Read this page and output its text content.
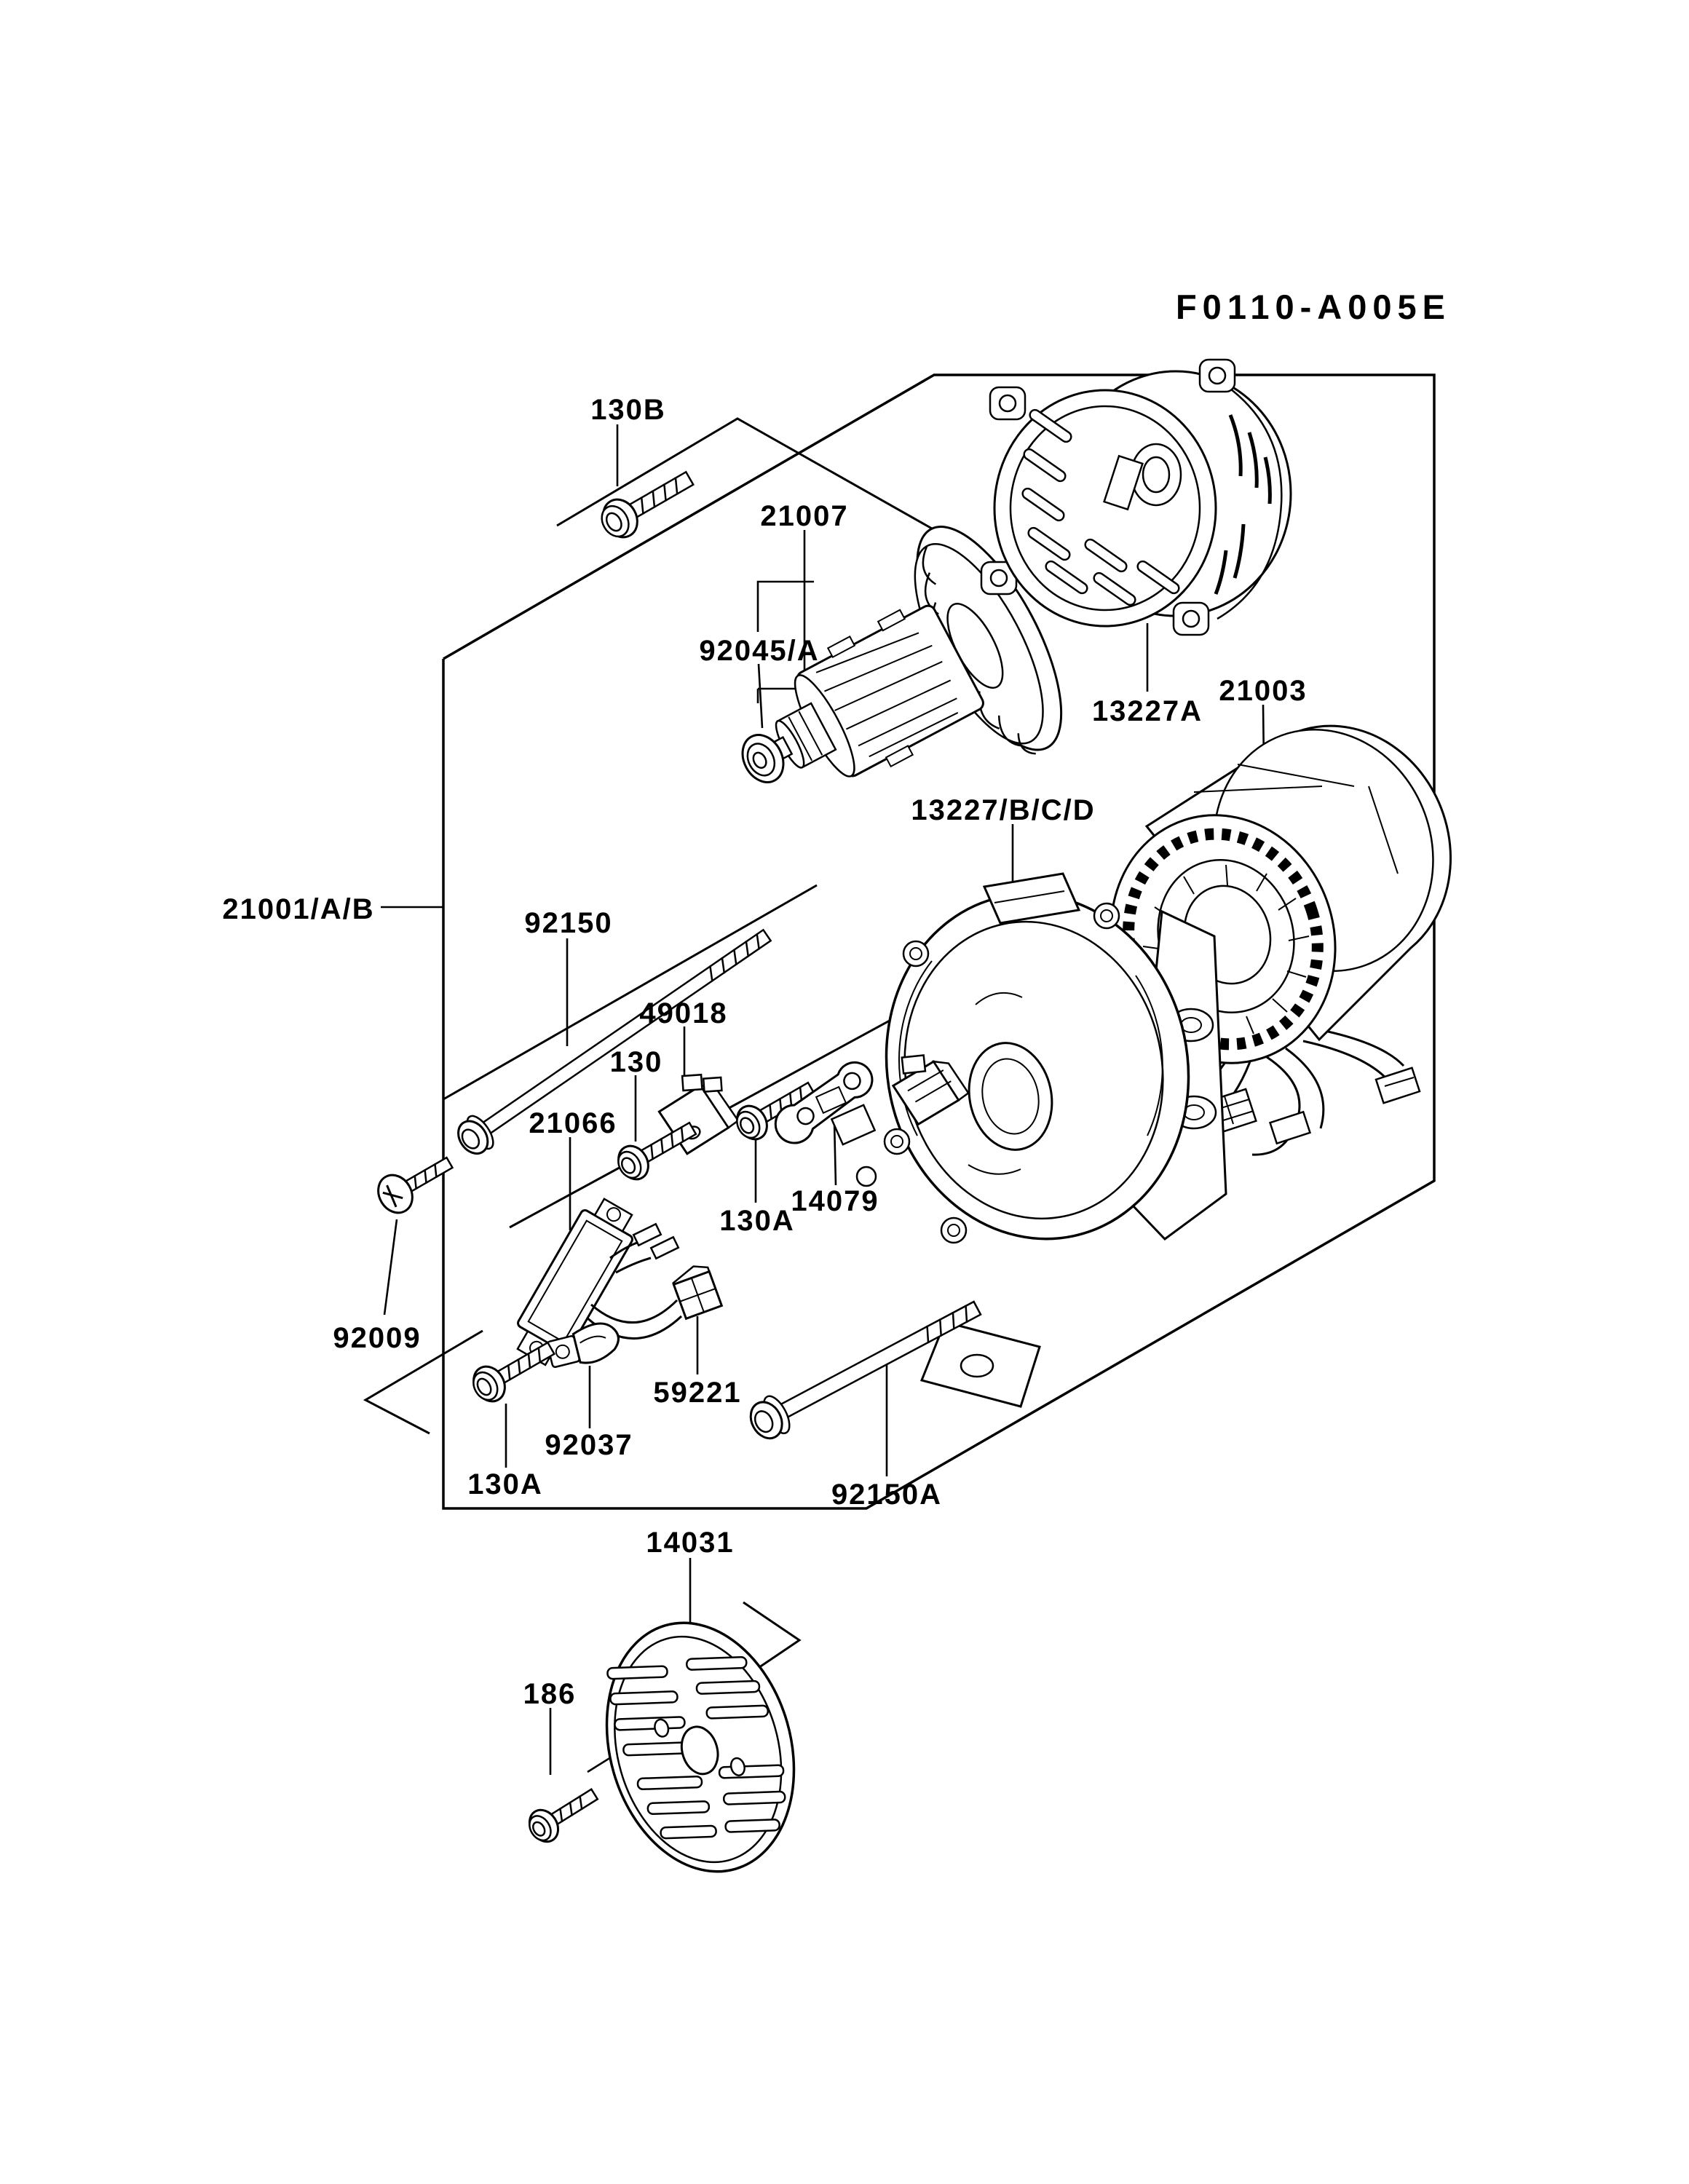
F0110-A005E
130B
21007
92045/A
13227A
21003
13227/B/C/D
21001/A/B	92150
49018
130
21066
130A
14079
92009
59221
92037
130A	92150A
14031
186
